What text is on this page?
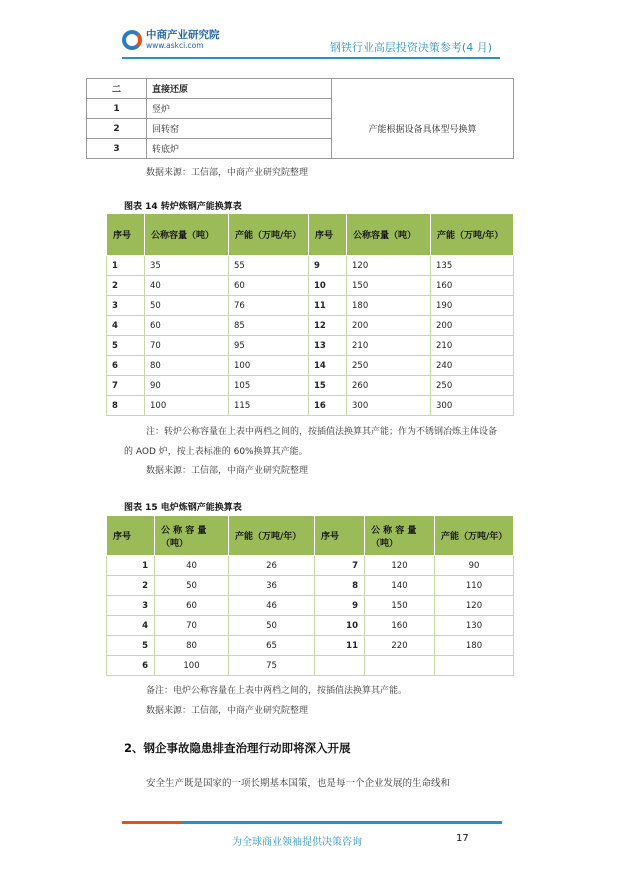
中商产业研究院
www.askci.com	钢铁行业高层投资决策参考(4 月)
二	直接还原	
1	竖炉	产能根据设备具体型号换算
2	回转窑	
3	转底炉	
数据来源：工信部，中商产业研究院整理
图表 14 转炉炼钢产能换算表
序号	公称容量（吨）	产能（万吨/年）	序号	公称容量（吨）	产能（万吨/年）
1	35	55	9	120	135
2	40	60	10	150	160
3	50	76	11	180	190
4	60	85	12	200	200
5	70	95	13	210	210
6	80	100	14	250	240
7	90	105	15	260	250
8	100	115	16	300	300
注：转炉公称容量在上表中两档之间的，按插值法换算其产能；作为不锈钢冶炼主体设备的 AOD 炉，按上表标准的 60%换算其产能。
数据来源：工信部，中商产业研究院整理
图表 15 电炉炼钢产能换算表
序号	公 称 容 量（吨）	产能（万吨/年）	序号	公 称 容 量（吨）	产能（万吨/年）
1	40	26	7	120	90
2	50	36	8	140	110
3	60	46	9	150	120
4	70	50	10	160	130
5	80	65	11	220	180
6	100	75			
备注：电炉公称容量在上表中两档之间的，按插值法换算其产能。
数据来源：工信部，中商产业研究院整理
2、钢企事故隐患排查治理行动即将深入开展
安全生产既是国家的一项长期基本国策，也是每一个企业发展的生命线和
为全球商业领袖提供决策咨询	17
